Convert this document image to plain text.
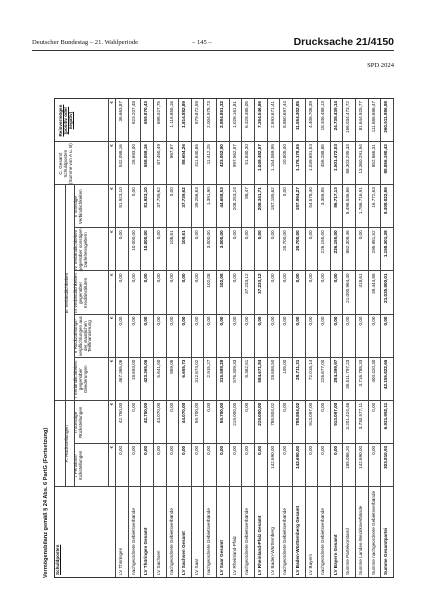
Deutscher Bundestag – 21. Wahlperiode	– 145 –	Drucksache 21/4150
SPD 2024
Vermögensbilanz gemäß § 24 Abs. 6 PartG (Fortsetzung) Schuldposten
A. Rückstellungen
B. Verbindlichkeiten
C. Gesamt Schuldposten (Summe von A u. B)
Reinvermögen (positiv oder negativ)
I Pensions-rückstellungen
II sonstige Rückstellungen
I Verbindlichkeiten gegenüber Gliederungen
II Rückzahlungs-verpflichtungen aus der staatlichen Teilfinanzierung
III Verbindlichkeiten gegenüber Kreditinstituten
IV Verbindlichkeiten gegenüber sonstigen Darlehensgebern
V sonstige Verbindlichkeiten
€
€
€
€
€
€
€
€
€
LV Thüringen
0,00
42.750,00
467.365,06
0,00
0,00
0,00
81.923,10
532.098,16
36.663,87
nachgeordnete Gebietsverbände
0,00
0,00
18.693,00
0,00
0,00
10.000,00
0,00
28.693,00
623.207,48
LV Thüringen Gesamt
0,00
42.750,00
423.365,06
0,00
0,00
10.000,00
81.923,10
558.058,16
659.870,43
LV Sachsen
0,00
44.070,00
5.641,00
0,00
0,00
0,00
37.739,62
87.450,49
698.027,75
nachgeordnete Gebietsverbände
0,00
0,00
859,06
0,00
0,00
108,61
0,00
967,67
1.116.855,16
LV Sachsen Gesamt
0,00
44.070,00
6.655,73
0,00
0,00
108,61
37.739,62
88.604,26
1.814.882,89
LV Saar
0,00
59.700,00
312.674,02
0,00
0,00
0,00
39.266,63
411.640,65
879.872,59
nachgeordnete Gebietsverbände
0,00
0,00
2.915,27
0,00
102,08
3.000,00
1.391,90
11.412,25
2.004.978,73
LV Saar Gesamt
0,00
59.700,00
315.589,29
0,00
102,08
3.000,00
44.658,53
423.052,90
2.884.851,32
LV Rheinland-Pfalz
0,00
219.000,00
576.309,33
0,00
0,00
0,00
208.253,24
997.562,57
1.026.161,81
nachgeordnete Gebietsverbände
0,00
0,00
8.362,51
0,00
37.233,12
0,00
88,47
51.830,30
6.328.385,05
LV Rheinland-Pfalz Gesamt
0,00
219.000,00
584.671,84
0,00
37.233,12
0,00
208.341,71
1.049.492,57
7.354.546,86
LV Baden-Württemberg
142.690,00
788.804,02
28.658,50
0,00
0,00
0,00
187.185,62
1.154.069,95
2.693.671,41
nachgeordnete Gebietsverbände
0,00
0,00
105,00
0,00
0,00
20.700,00
0,00
20.805,00
8.860.697,44
LV Baden-Württemberg Gesamt
142.690,00
788.804,02
28.711,31
0,00
0,00
20.700,00
187.994,27
1.178.178,55
11.554.302,85
LV Bayern
0,00
913.097,00
72.016,14
0,00
0,00
0,00
54.578,40
1.039.691,54
4.406.708,39
nachgeordnete Gebietsverbände
0,00
0,00
226.677,00
0,00
0,00
226.155,00
3.356,85
456.288,85
18.346.488,13
LV Bayern Gesamt
0,00
913.097,00
284.399,97
0,00
0,00
226.155,00
86.717,13
1.501.472,03
24.738.439,14
Summe Parteivorstand
185.086,20
3.201.424,46
35.511.797,23
0,00
21.000.964,40
862.309,46
8.498.536,66
68.303.295,33
156.034.473,72
Summe Landes-/Bezirksverbände
142.690,00
3.730.577,11
3.716.788,33
0,00
418,61
0,00
1.766.716,91
13.360.291,94
81.644.925,77
Summe nachgeordnete Gebietsverbände
0,00
0,00
400.420,30
0,00
39.444,88
295.981,52
16.772,63
852.866,31
111.686.686,47
Summe Gesamtpartei
303.810,93
6.931.992,11
42.155.822,66
0,00
21.035.900,01
1.158.301,38
9.308.022,86
80.856.190,43
360.511.986,98
